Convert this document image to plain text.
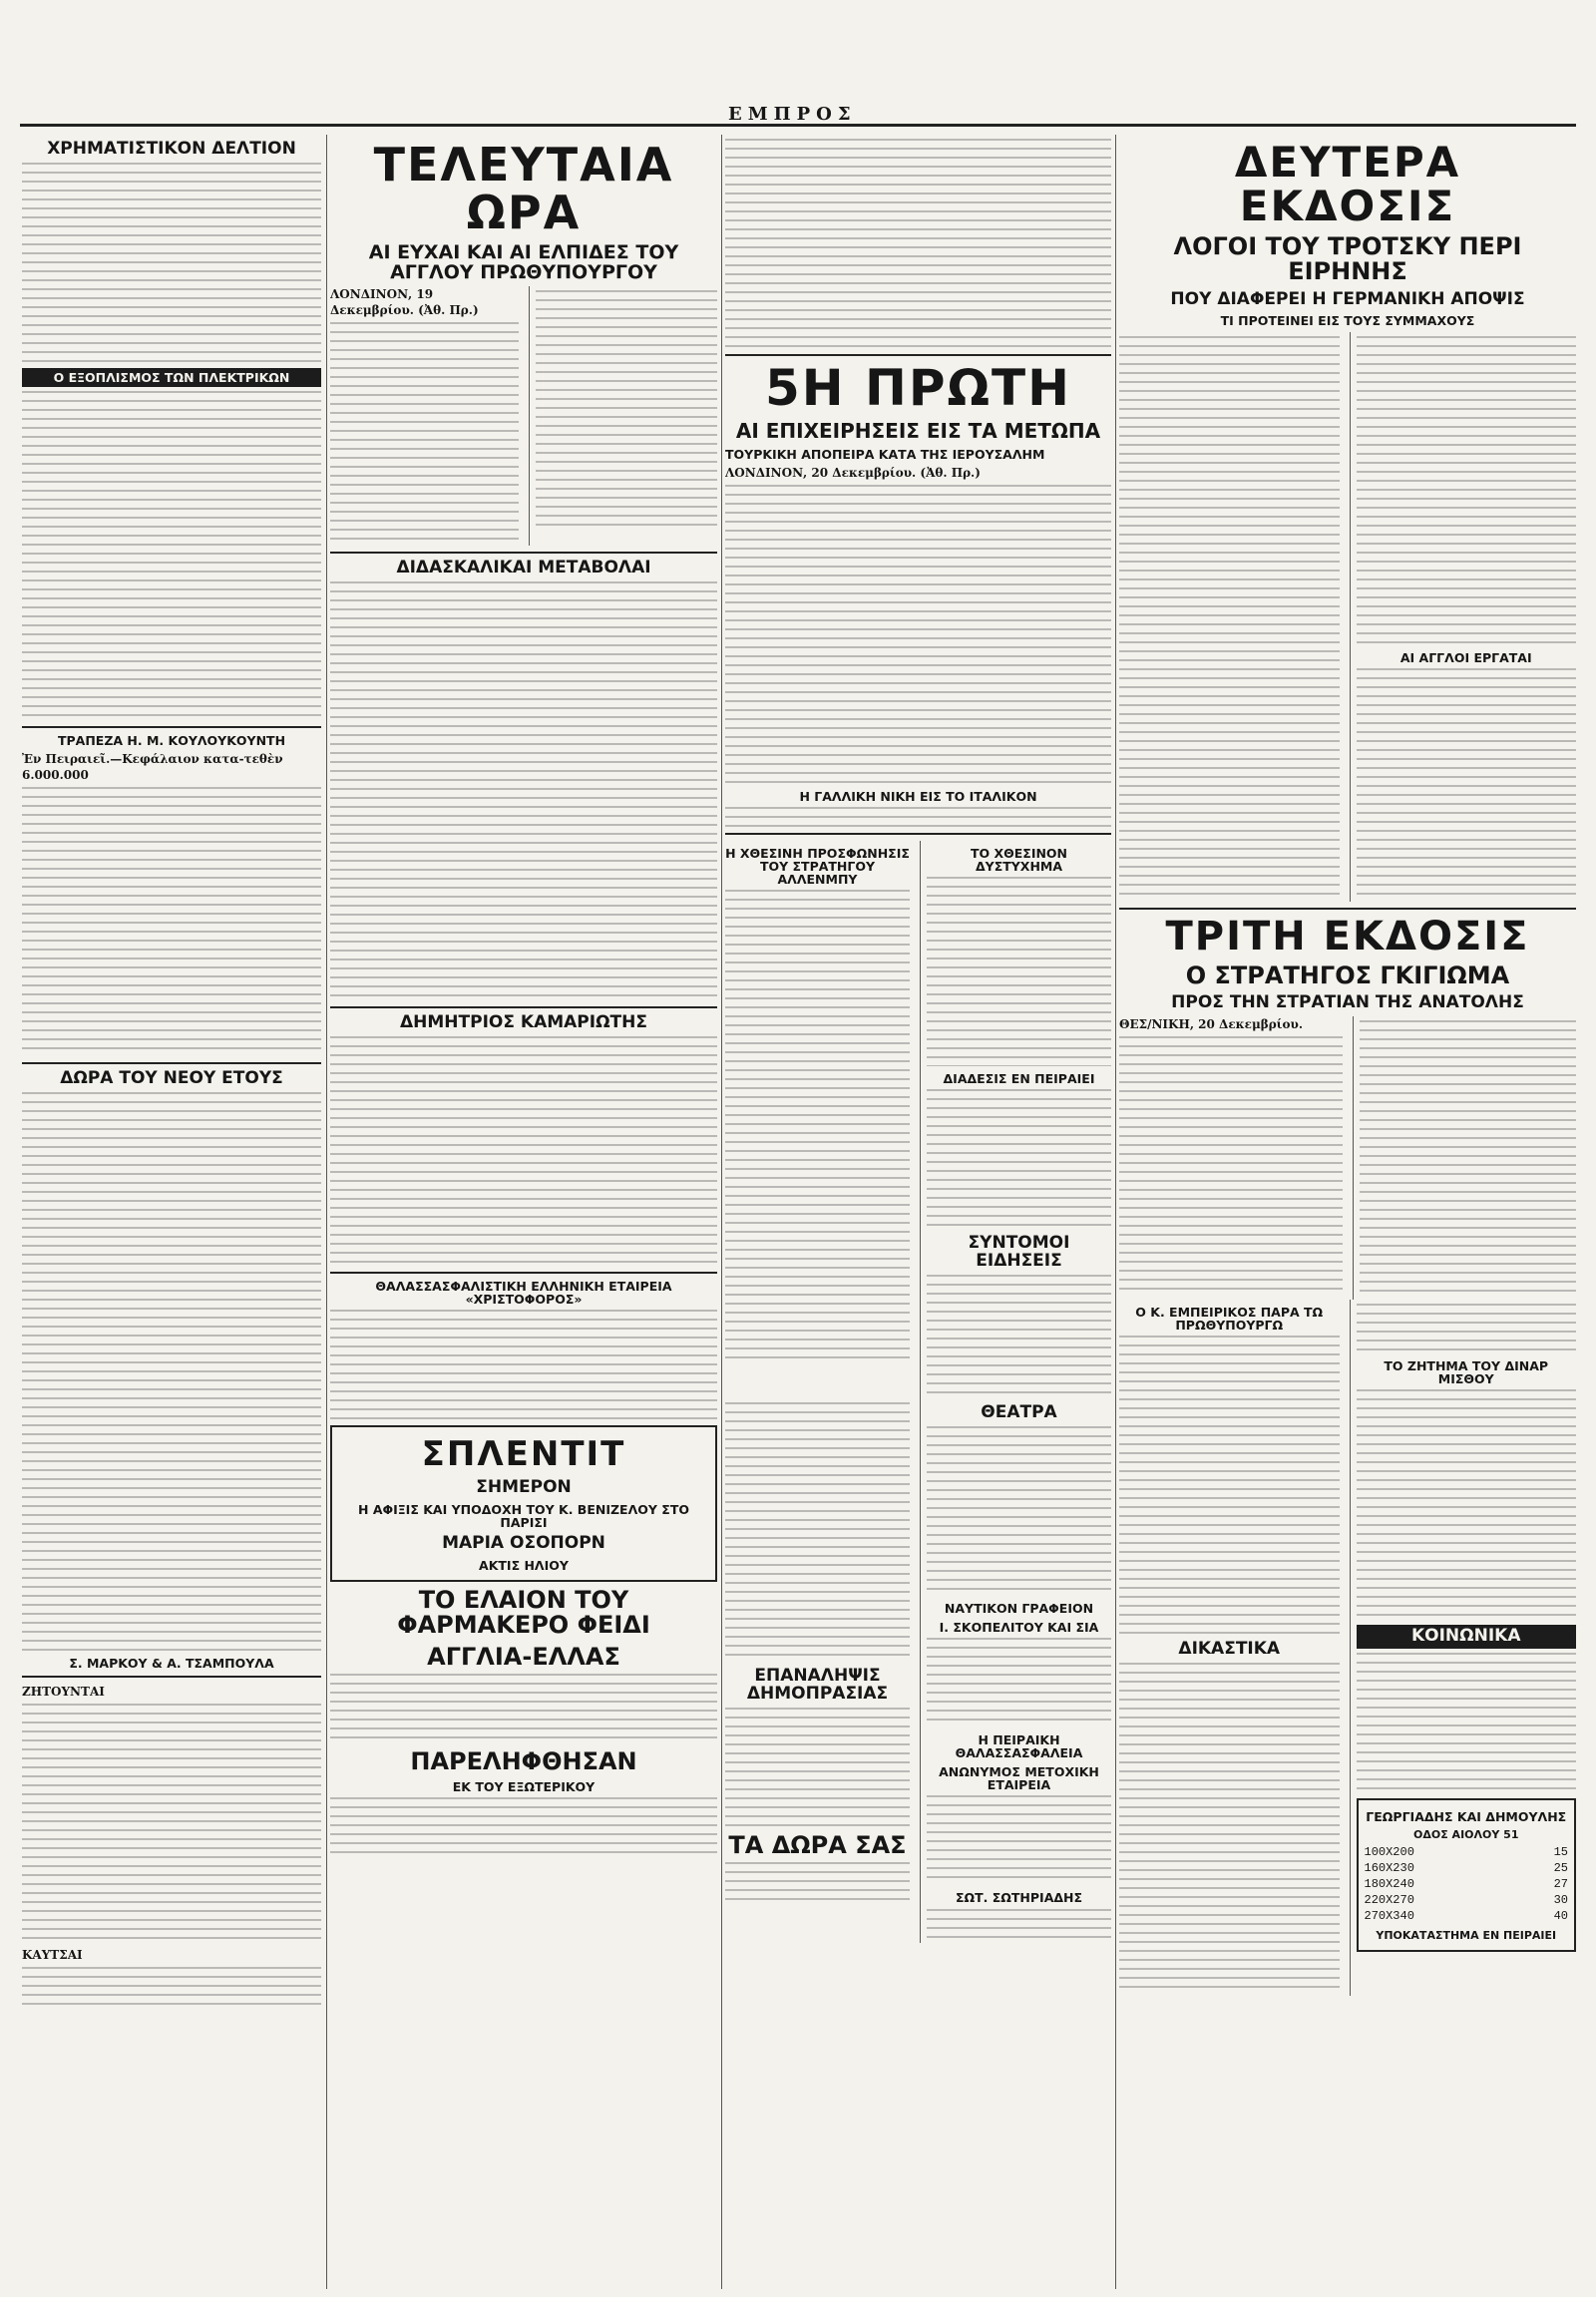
ΕΜΠΡΟΣ
ΧΡΗΜΑΤΙΣΤΙΚΟΝ ΔΕΛΤΙΟΝ
Ο ΕΞΟΠΛΙΣΜΟΣ ΤΩΝ ΠΛΕΚΤΡΙΚΩΝ
ΤΡΑΠΕΖΑ Η. Μ. ΚΟΥΛΟΥΚΟΥΝΤΗ
Ἐν Πειραιεῖ.—Κεφάλαιον κατα-τεθὲν 6.000.000
ΔΩΡΑ ΤΟΥ ΝΕΟΥ ΕΤΟΥΣ
Σ. ΜΑΡΚΟΥ & Α. ΤΣΑΜΠΟΥΛΑ
ΖΗΤΟΥΝΤΑΙ
ΚΑΥΤΣΑΙ
ΤΕΛΕΥΤΑΙΑ ΩΡΑ
ΑΙ ΕΥΧΑΙ ΚΑΙ ΑΙ ΕΛΠΙΔΕΣ ΤΟΥ ΑΓΓΛΟΥ ΠΡΩΘΥΠΟΥΡΓΟΥ
ΛΟΝΔΙΝΟΝ, 19 Δεκεμβρίου. (Ἀθ. Πρ.)
ΔΙΔΑΣΚΑΛΙΚΑΙ ΜΕΤΑΒΟΛΑΙ
ΔΗΜΗΤΡΙΟΣ ΚΑΜΑΡΙΩΤΗΣ
ΘΑΛΑΣΣΑΣΦΑΛΙΣΤΙΚΗ ΕΛΛΗΝΙΚΗ ΕΤΑΙΡΕΙΑ «ΧΡΙΣΤΟΦΟΡΟΣ»
ΣΠΛΕΝΤΙΤ
ΣΗΜΕΡΟΝ
Η ΑΦΙΞΙΣ ΚΑΙ ΥΠΟΔΟΧΗ ΤΟΥ Κ. ΒΕΝΙΖΕΛΟΥ ΣΤΟ ΠΑΡΙΣΙ
ΜΑΡΙΑ ΟΣΟΠΟΡΝ
ΑΚΤΙΣ ΗΛΙΟΥ
ΤΟ ΕΛΑΙΟΝ ΤΟΥ ΦΑΡΜΑΚΕΡΟ ΦΕΙΔΙ
ΑΓΓΛΙΑ-ΕΛΛΑΣ
ΠΑΡΕΛΗΦΘΗΣΑΝ
ΕΚ ΤΟΥ ΕΞΩΤΕΡΙΚΟΥ
5Η ΠΡΩΤΗ
ΑΙ ΕΠΙΧΕΙΡΗΣΕΙΣ ΕΙΣ ΤΑ ΜΕΤΩΠΑ
ΤΟΥΡΚΙΚΗ ΑΠΟΠΕΙΡΑ ΚΑΤΑ ΤΗΣ ΙΕΡΟΥΣΑΛΗΜ
ΛΟΝΔΙΝΟΝ, 20 Δεκεμβρίου. (Ἀθ. Πρ.)
Η ΓΑΛΛΙΚΗ ΝΙΚΗ ΕΙΣ ΤΟ ΙΤΑΛΙΚΟΝ
Η ΧΘΕΣΙΝΗ ΠΡΟΣΦΩΝΗΣΙΣ ΤΟΥ ΣΤΡΑΤΗΓΟΥ ΑΛΛΕΝΜΠΥ
ΤΟ ΧΘΕΣΙΝΟΝ ΔΥΣΤΥΧΗΜΑ
ΔΙΑΔΕΣΙΣ ΕΝ ΠΕΙΡΑΙΕΙ
ΣΥΝΤΟΜΟΙ ΕΙΔΗΣΕΙΣ
ΕΠΑΝΑΛΗΨΙΣ ΔΗΜΟΠΡΑΣΙΑΣ
ΤΑ ΔΩΡΑ ΣΑΣ
ΘΕΑΤΡΑ
ΝΑΥΤΙΚΟΝ ΓΡΑΦΕΙΟΝ
Ι. ΣΚΟΠΕΛΙΤΟΥ ΚΑΙ ΣΙΑ
Η ΠΕΙΡΑΙΚΗ ΘΑΛΑΣΣΑΣΦΑΛΕΙΑ
ΑΝΩΝΥΜΟΣ ΜΕΤΟΧΙΚΗ ΕΤΑΙΡΕΙΑ
ΣΩΤ. ΣΩΤΗΡΙΑΔΗΣ
ΔΕΥΤΕΡΑ ΕΚΔΟΣΙΣ
ΛΟΓΟΙ ΤΟΥ ΤΡΟΤΣΚΥ ΠΕΡΙ ΕΙΡΗΝΗΣ
ΠΟΥ ΔΙΑΦΕΡΕΙ Η ΓΕΡΜΑΝΙΚΗ ΑΠΟΨΙΣ
ΤΙ ΠΡΟΤΕΙΝΕΙ ΕΙΣ ΤΟΥΣ ΣΥΜΜΑΧΟΥΣ
ΑΙ ΑΓΓΛΟΙ ΕΡΓΑΤΑΙ
ΤΡΙΤΗ ΕΚΔΟΣΙΣ
Ο ΣΤΡΑΤΗΓΟΣ ΓΚΙΓΙΩΜΑ
ΠΡΟΣ ΤΗΝ ΣΤΡΑΤΙΑΝ ΤΗΣ ΑΝΑΤΟΛΗΣ
ΘΕΣ/ΝΙΚΗ, 20 Δεκεμβρίου.
Ο Κ. ΕΜΠΕΙΡΙΚΟΣ ΠΑΡΑ ΤΩ ΠΡΩΘΥΠΟΥΡΓΩ
ΔΙΚΑΣΤΙΚΑ
ΤΟ ΖΗΤΗΜΑ ΤΟΥ ΔΙΝΑΡ ΜΙΣΘΟΥ
ΚΟΙΝΩΝΙΚΑ
ΓΕΩΡΓΙΑΔΗΣ ΚΑΙ ΔΗΜΟΥΛΗΣ
ΟΔΟΣ ΑΙΟΛΟΥ 51
100Χ200	15
160Χ230	25
180Χ240	27
220Χ270	30
270Χ340	40
ΥΠΟΚΑΤΑΣΤΗΜΑ ΕΝ ΠΕΙΡΑΙΕΙ
